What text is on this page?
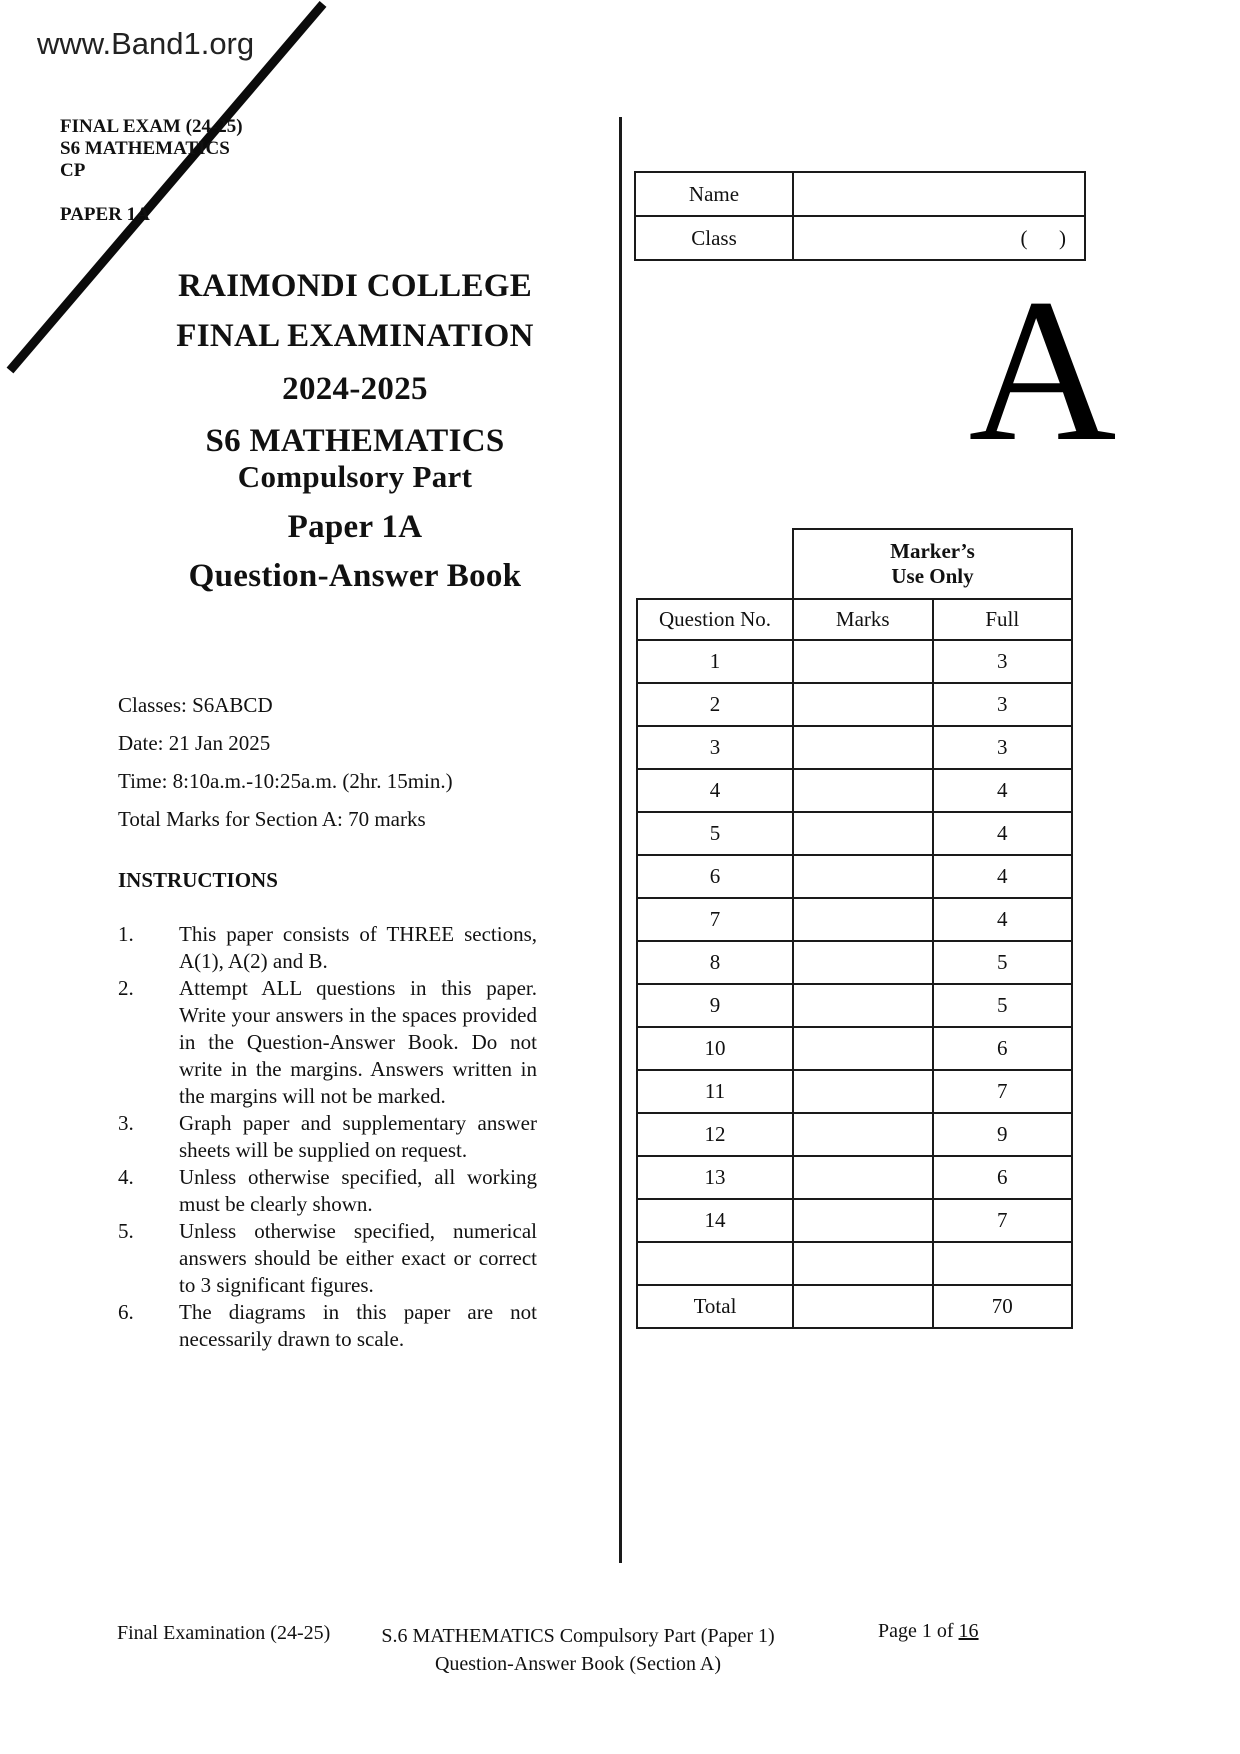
www.Band1.org
FINAL EXAM (24-25)
S6 MATHEMATICS
CP
PAPER 1A
RAIMONDI COLLEGE
FINAL EXAMINATION
2024-2025
S6 MATHEMATICS
Compulsory Part
Paper 1A
Question-Answer Book
Classes: S6ABCD
Date: 21 Jan 2025
Time: 8:10a.m.-10:25a.m. (2hr. 15min.)
Total Marks for Section A: 70 marks
INSTRUCTIONS
1. This paper consists of THREE sections, A(1), A(2) and B.
2. Attempt ALL questions in this paper. Write your answers in the spaces provided in the Question-Answer Book. Do not write in the margins. Answers written in the margins will not be marked.
3. Graph paper and supplementary answer sheets will be supplied on request.
4. Unless otherwise specified, all working must be clearly shown.
5. Unless otherwise specified, numerical answers should be either exact or correct to 3 significant figures.
6. The diagrams in this paper are not necessarily drawn to scale.
A
Name	
Class	(      )
	Marker’s
Use Only	
Question No.	Marks	Full
1		3
2		3
3		3
4		4
5		4
6		4
7		4
8		5
9		5
10		6
11		7
12		9
13		6
14		7

Total		70
Final Examination (24-25)	S.6 MATHEMATICS Compulsory Part (Paper 1)
Question-Answer Book (Section A)
Page 1 of 16
